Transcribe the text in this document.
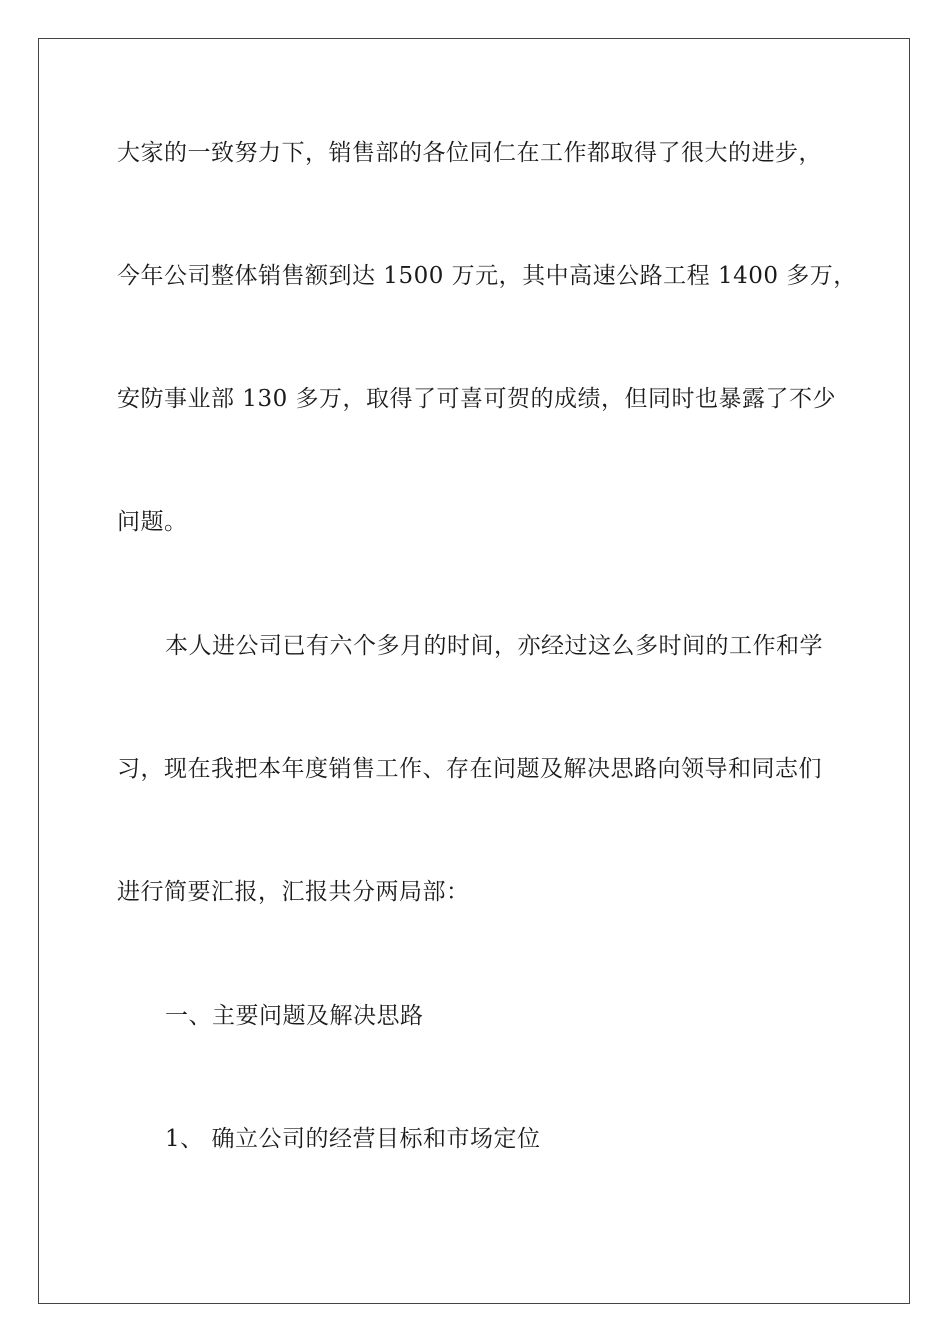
大家的一致努力下，销售部的各位同仁在工作都取得了很大的进步，
今年公司整体销售额到达 1500 万元，其中高速公路工程 1400 多万，
安防事业部 130 多万，取得了可喜可贺的成绩，但同时也暴露了不少
问题。
本人进公司已有六个多月的时间，亦经过这么多时间的工作和学
习，现在我把本年度销售工作、存在问题及解决思路向领导和同志们
进行简要汇报，汇报共分两局部：
一、主要问题及解决思路
1、 确立公司的经营目标和市场定位
